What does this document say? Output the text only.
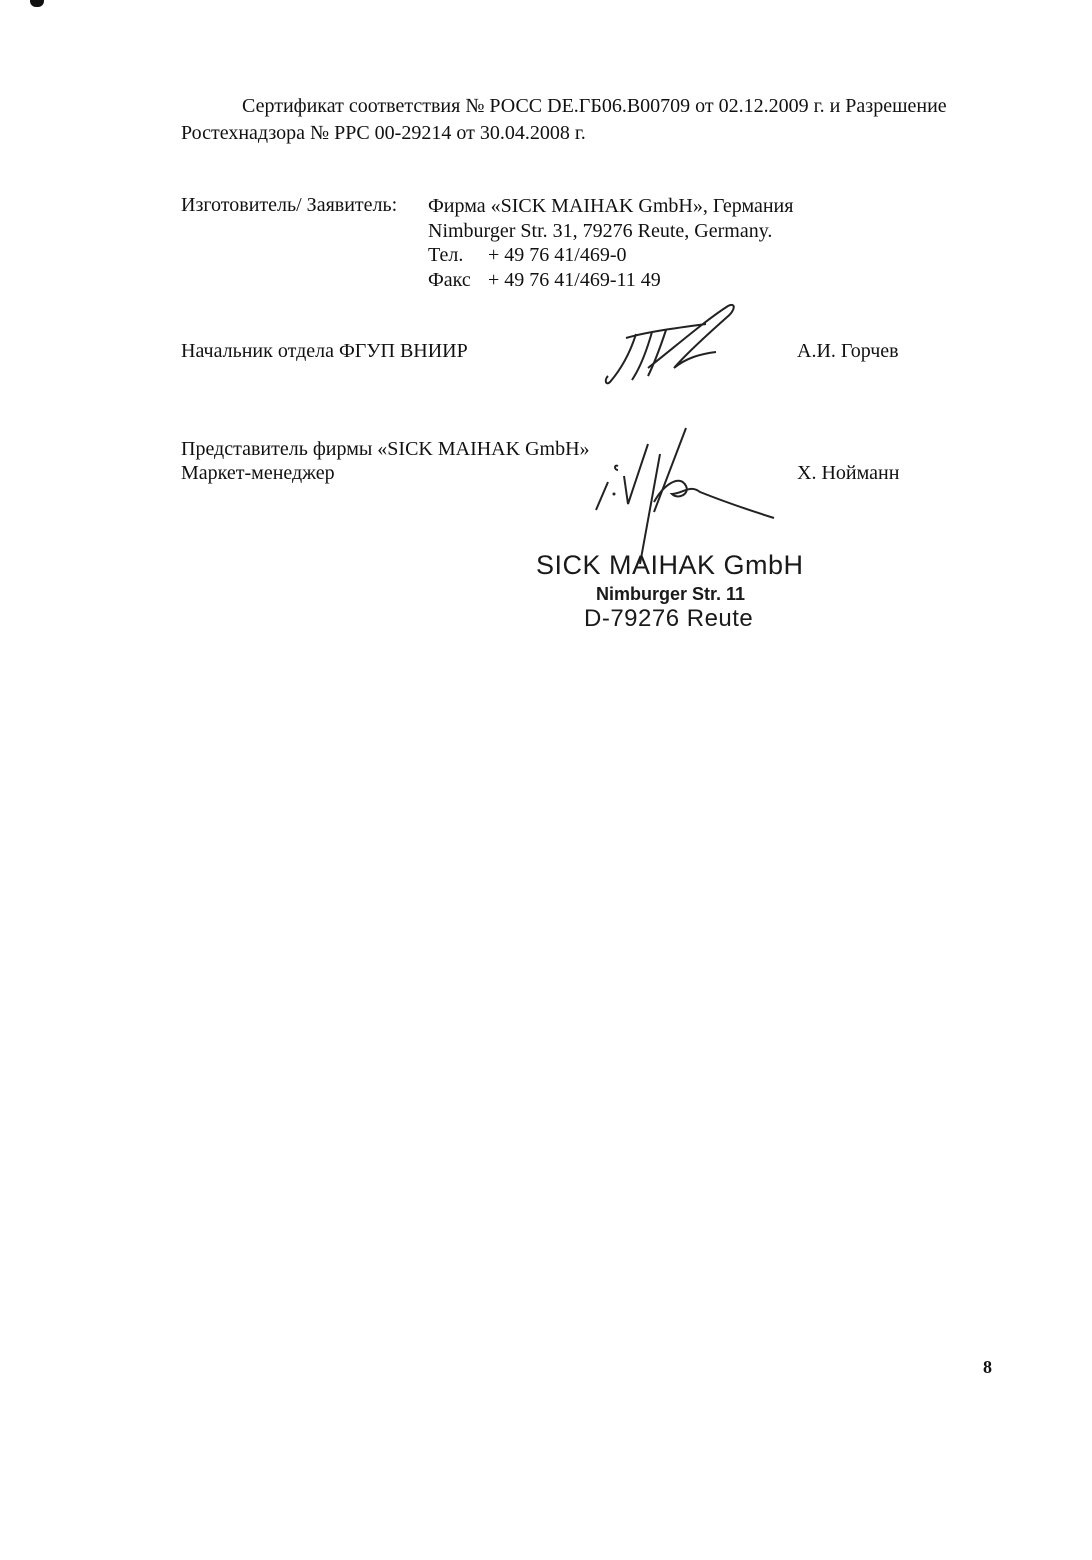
Сертификат соответствия № РОСС DE.ГБ06.В00709 от 02.12.2009 г. и Разрешение
Ростехнадзора № PPC 00-29214 от 30.04.2008 г.
Изготовитель/ Заявитель: Фирма «SICK MAIHAK GmbH», Германия
Nimburger Str. 31, 79276 Reute, Germany.
Тел. + 49 76 41/469-0
Факс + 49 76 41/469-11 49
Начальник отдела ФГУП ВНИИР	А.И. Горчев
Представитель фирмы «SICK MAIHAK GmbH»
Маркет-менеджер	Х. Нойманн
SICK MAIHAK GmbH
Nimburger Str. 11
D-79276 Reute
8
